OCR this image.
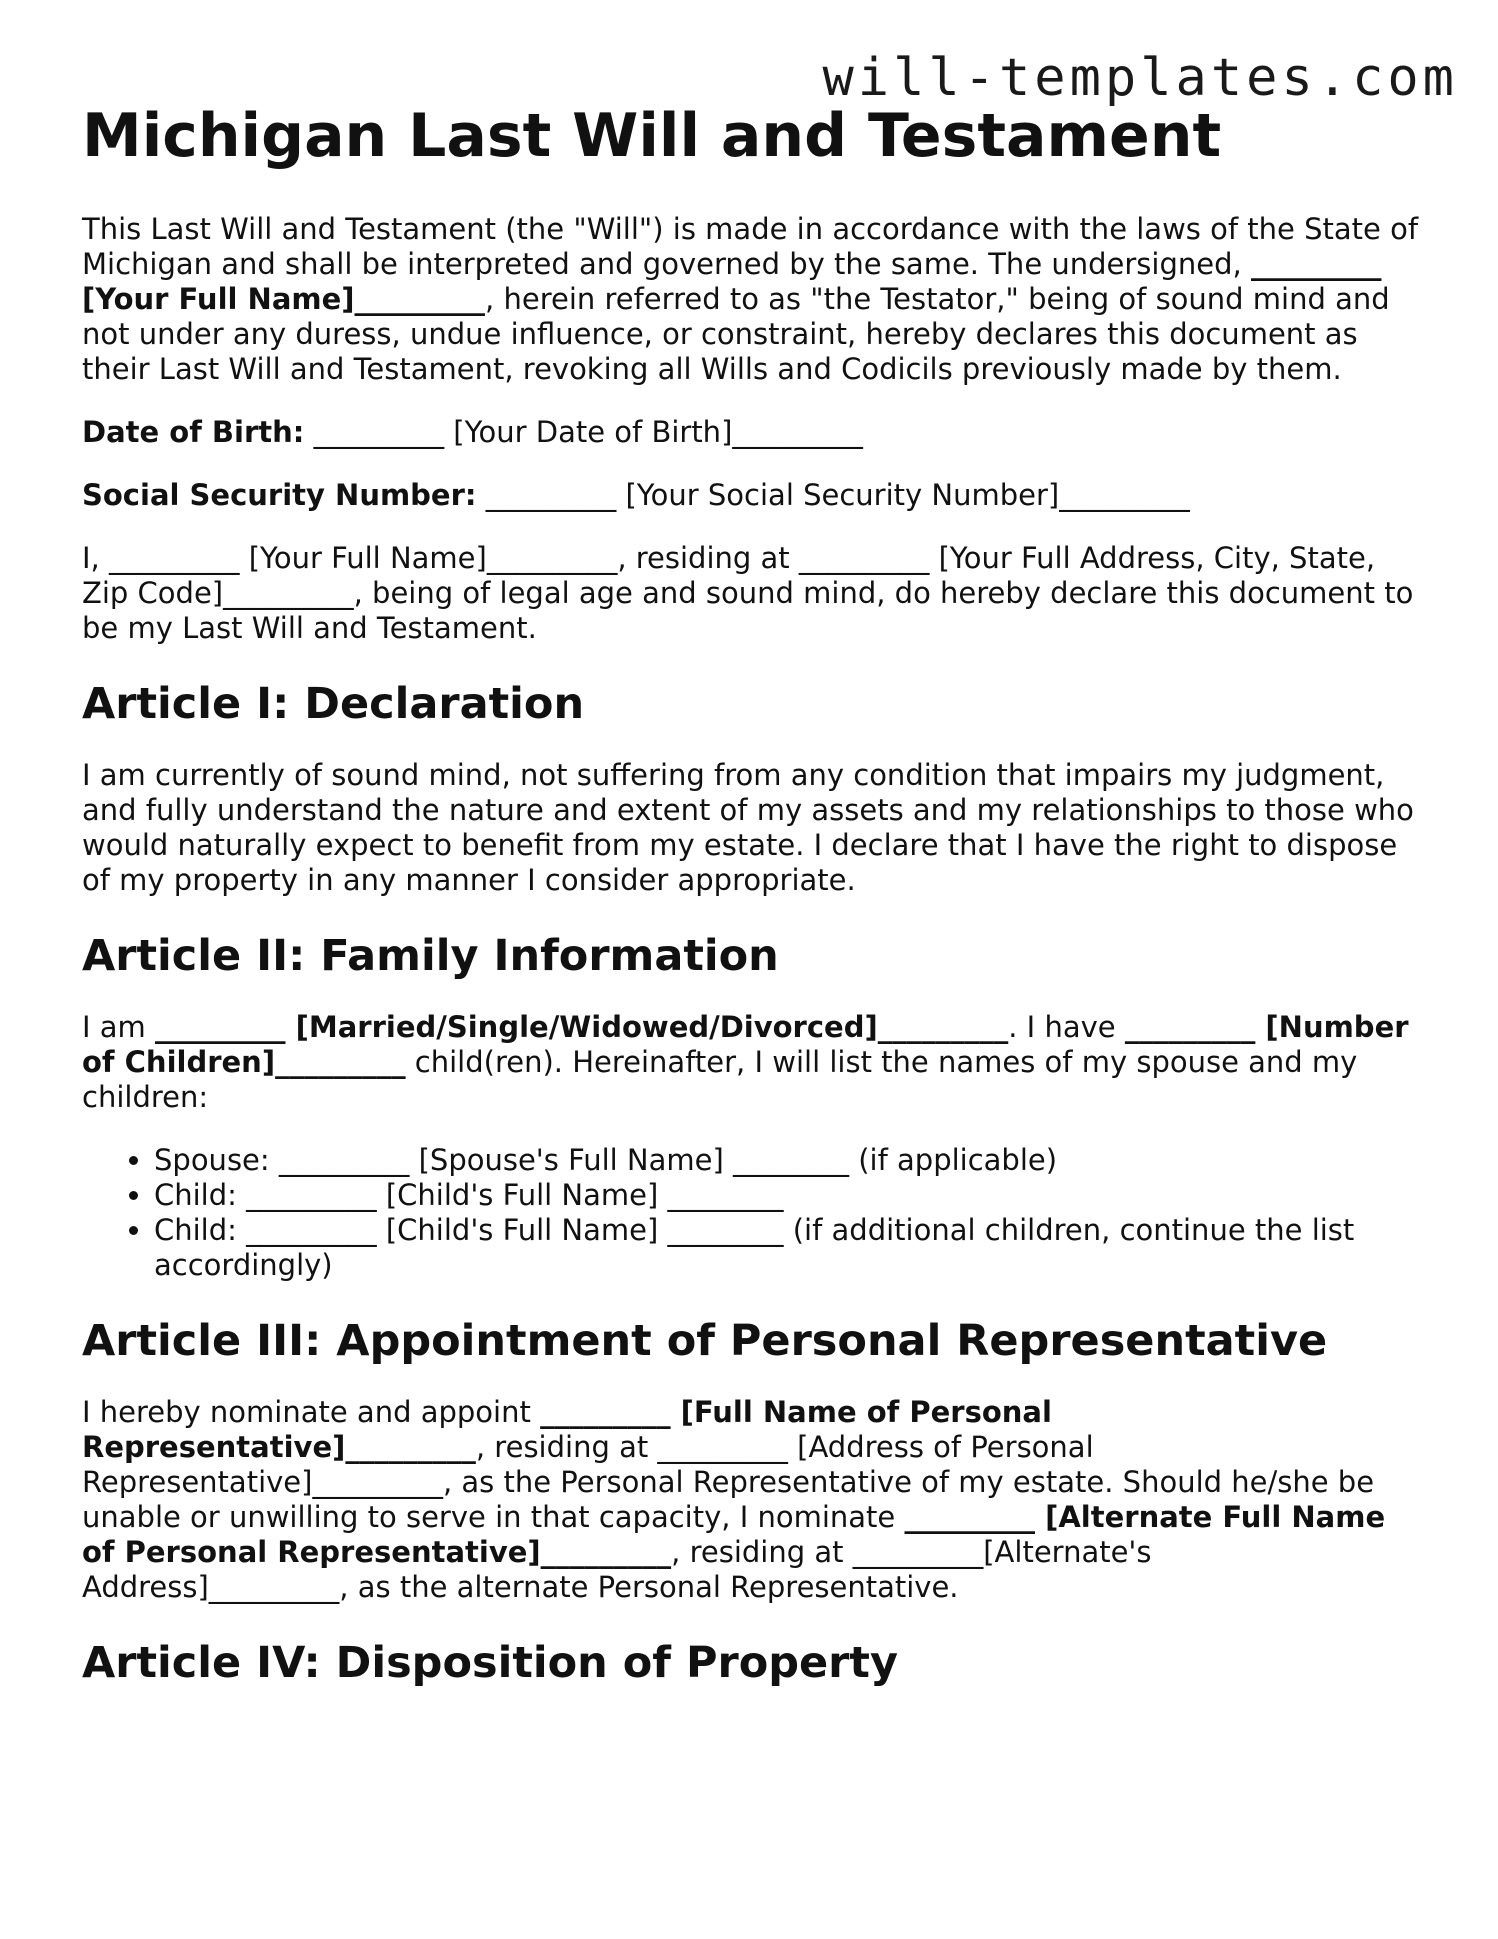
will-templates.com
Michigan Last Will and Testament

This Last Will and Testament (the "Will") is made in accordance with the laws of the State of Michigan and shall be interpreted and governed by the same. The undersigned, _________ [Your Full Name]_________, herein referred to as "the Testator," being of sound mind and not under any duress, undue influence, or constraint, hereby declares this document as their Last Will and Testament, revoking all Wills and Codicils previously made by them.

Date of Birth: _________ [Your Date of Birth]_________

Social Security Number: _________ [Your Social Security Number]_________

I, _________ [Your Full Name]_________, residing at _________ [Your Full Address, City, State, Zip Code]_________, being of legal age and sound mind, do hereby declare this document to be my Last Will and Testament.

Article I: Declaration

I am currently of sound mind, not suffering from any condition that impairs my judgment, and fully understand the nature and extent of my assets and my relationships to those who would naturally expect to benefit from my estate. I declare that I have the right to dispose of my property in any manner I consider appropriate.

Article II: Family Information

I am _________ [Married/Single/Widowed/Divorced]_________. I have _________ [Number of Children]_________ child(ren). Hereinafter, I will list the names of my spouse and my children:

• Spouse: _________ [Spouse's Full Name] ________ (if applicable)
• Child: _________ [Child's Full Name] ________
• Child: _________ [Child's Full Name] ________ (if additional children, continue the list accordingly)
Article III: Appointment of Personal Representative

I hereby nominate and appoint _________ [Full Name of Personal Representative]_________, residing at _________ [Address of Personal Representative]_________, as the Personal Representative of my estate. Should he/she be unable or unwilling to serve in that capacity, I nominate _________ [Alternate Full Name of Personal Representative]_________, residing at _________[Alternate's Address]_________, as the alternate Personal Representative.

Article IV: Disposition of Property
